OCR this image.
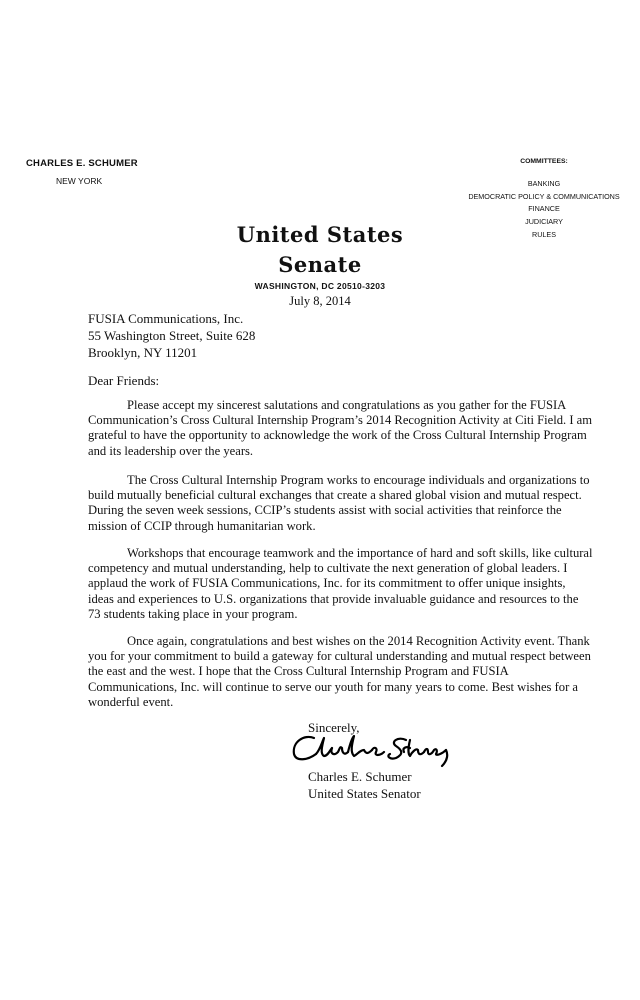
CHARLES E. SCHUMER
NEW YORK
COMMITTEES:
BANKING
DEMOCRATIC POLICY & COMMUNICATIONS
FINANCE
JUDICIARY
RULES
United States Senate
WASHINGTON, DC 20510-3203
July 8, 2014
FUSIA Communications, Inc.
55 Washington Street, Suite 628
Brooklyn, NY 11201
Dear Friends:

Please accept my sincerest salutations and congratulations as you gather for the FUSIA Communication’s Cross Cultural Internship Program’s 2014 Recognition Activity at Citi Field. I am grateful to have the opportunity to acknowledge the work of the Cross Cultural Internship Program and its leadership over the years.

The Cross Cultural Internship Program works to encourage individuals and organizations to build mutually beneficial cultural exchanges that create a shared global vision and mutual respect. During the seven week sessions, CCIP’s students assist with social activities that reinforce the mission of CCIP through humanitarian work.

Workshops that encourage teamwork and the importance of hard and soft skills, like cultural competency and mutual understanding, help to cultivate the next generation of global leaders. I applaud the work of FUSIA Communications, Inc. for its commitment to offer unique insights, ideas and experiences to U.S. organizations that provide invaluable guidance and resources to the 73 students taking place in your program.

Once again, congratulations and best wishes on the 2014 Recognition Activity event. Thank you for your commitment to build a gateway for cultural understanding and mutual respect between the east and the west. I hope that the Cross Cultural Internship Program and FUSIA Communications, Inc. will continue to serve our youth for many years to come. Best wishes for a wonderful event.

Sincerely,
Charles E. Schumer
United States Senator
